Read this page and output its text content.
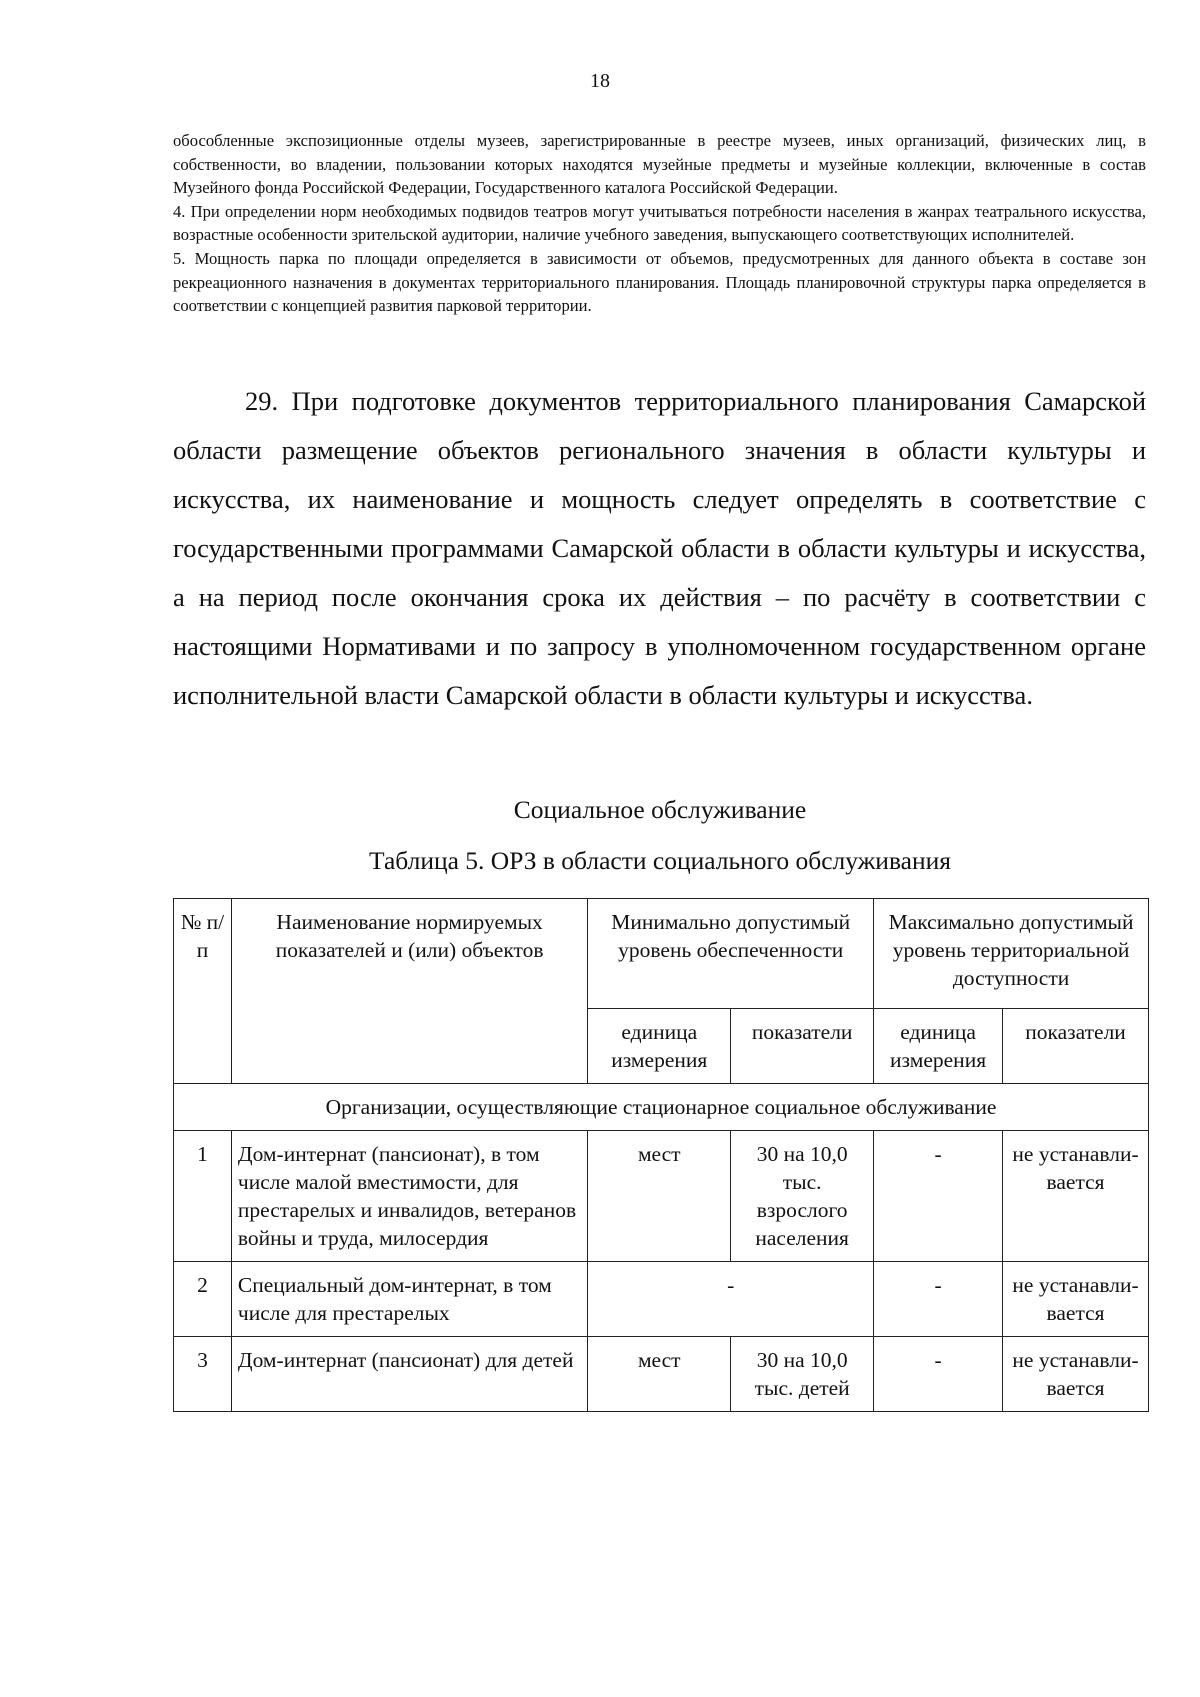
18

обособленные экспозиционные отделы музеев, зарегистрированные в реестре музеев, иных организаций, физических лиц, в собственности, во владении, пользовании которых находятся музейные предметы и музейные коллекции, включенные в состав Музейного фонда Российской Федерации, Государственного каталога Российской Федерации.

4. При определении норм необходимых подвидов театров могут учитываться потребности населения в жанрах театрального искусства, возрастные особенности зрительской аудитории, наличие учебного заведения, выпускающего соответствующих исполнителей.

5. Мощность парка по площади определяется в зависимости от объемов, предусмотренных для данного объекта в составе зон рекреационного назначения в документах территориального планирования. Площадь планировочной структуры парка определяется в соответствии с концепцией развития парковой территории.

29. При подготовке документов территориального планирования Самарской области размещение объектов регионального значения в области культуры и искусства, их наименование и мощность следует определять в соответствие с государственными программами Самарской области в области культуры и искусства, а на период после окончания срока их действия – по расчёту в соответствии с настоящими Нормативами и по запросу в уполномоченном государственном органе исполнительной власти Самарской области в области культуры и искусства.

Социальное обслуживание

Таблица 5. ОРЗ в области социального обслуживания

№ п/п	Наименование нормируемых показателей и (или) объектов	Минимально допустимый уровень обеспеченности		Максимально допустимый уровень территориальной доступности	
		единица измерения	показатели	единица измерения	показатели
Организации, осуществляющие стационарное социальное обслуживание					
1	Дом-интернат (пансионат), в том числе малой вместимости, для престарелых и инвалидов, ветеранов войны и труда, милосердия	мест	30 на 10,0 тыс. взрослого населения	-	не устанавли-вается
2	Специальный дом-интернат, в том числе для престарелых	-		-	не устанавли-вается
3	Дом-интернат (пансионат) для детей	мест	30 на 10,0 тыс. детей	-	не устанавли-вается
